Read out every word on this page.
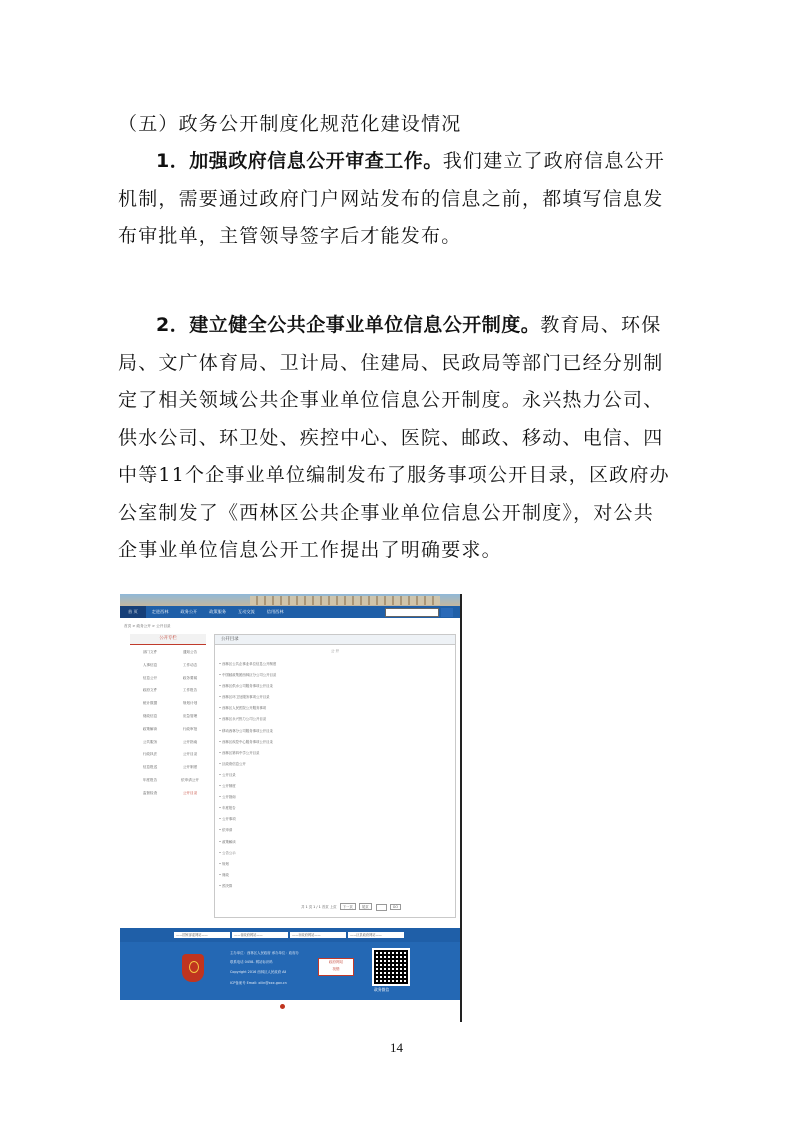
（五）政务公开制度化规范化建设情况

1．加强政府信息公开审查工作。我们建立了政府信息公开机制，需要通过政府门户网站发布的信息之前，都填写信息发布审批单，主管领导签字后才能发布。

2．建立健全公共企事业单位信息公开制度。教育局、环保局、文广体育局、卫计局、住建局、民政局等部门已经分别制定了相关领域公共企事业单位信息公开制度。永兴热力公司、供水公司、环卫处、疾控中心、医院、邮政、移动、电信、四中等11个企事业单位编制发布了服务事项公开目录，区政府办公室制发了《西林区公共企事业单位信息公开制度》，对公共企事业单位信息公开工作提出了明确要求。

首 页	走进西林	政务公开	政策服务	互动交流	信用西林
首页 > 政务公开 > 公开目录
公开专栏
部门文件	通知公告
人事信息	工作动态
信息公开	政务要闻
政府文件	工作报告
统计数据	规划计划
财政信息	应急管理
政策解读	行政审批
公共服务	公开指南
行政执法	公开目录
信息报送	公开制度
年度报告	依申请公开
监督检查	公开目录
公开目录
公 开
• 西林区公共企事业单位信息公开制度
• 中国邮政集团西林区分公司公开目录
• 西林区供水公司服务事项公开目录
• 西林区环卫处服务事项公开目录
• 西林区人民医院公开服务事项
• 西林区永兴热力公司公开目录
• 移动西林分公司服务事项公开目录
• 西林区疾控中心服务事项公开目录
• 西林区第四中学公开目录
• 区政府信息公开
• 公开目录
• 公开制度
• 公开指南
• 年度报告
• 公开事项
• 依申请
• 政策解读
• 公告公示
• 规划
• 财政
• 预决算
共 1 页 1 / 1 首页 上页 下一页	尾页	GO
——国家部委网站——	——省政府网站——	——市政府网站——	——区县政府网站——
主办单位：西林区人民政府 承办单位：政府办
联系电话 0458- 网站标识码
Copyright 2016 西林区人民政府 All
ICP备案号 Email: xilin@xxx.gov.cn
政府网站
找错
政务微信
14
